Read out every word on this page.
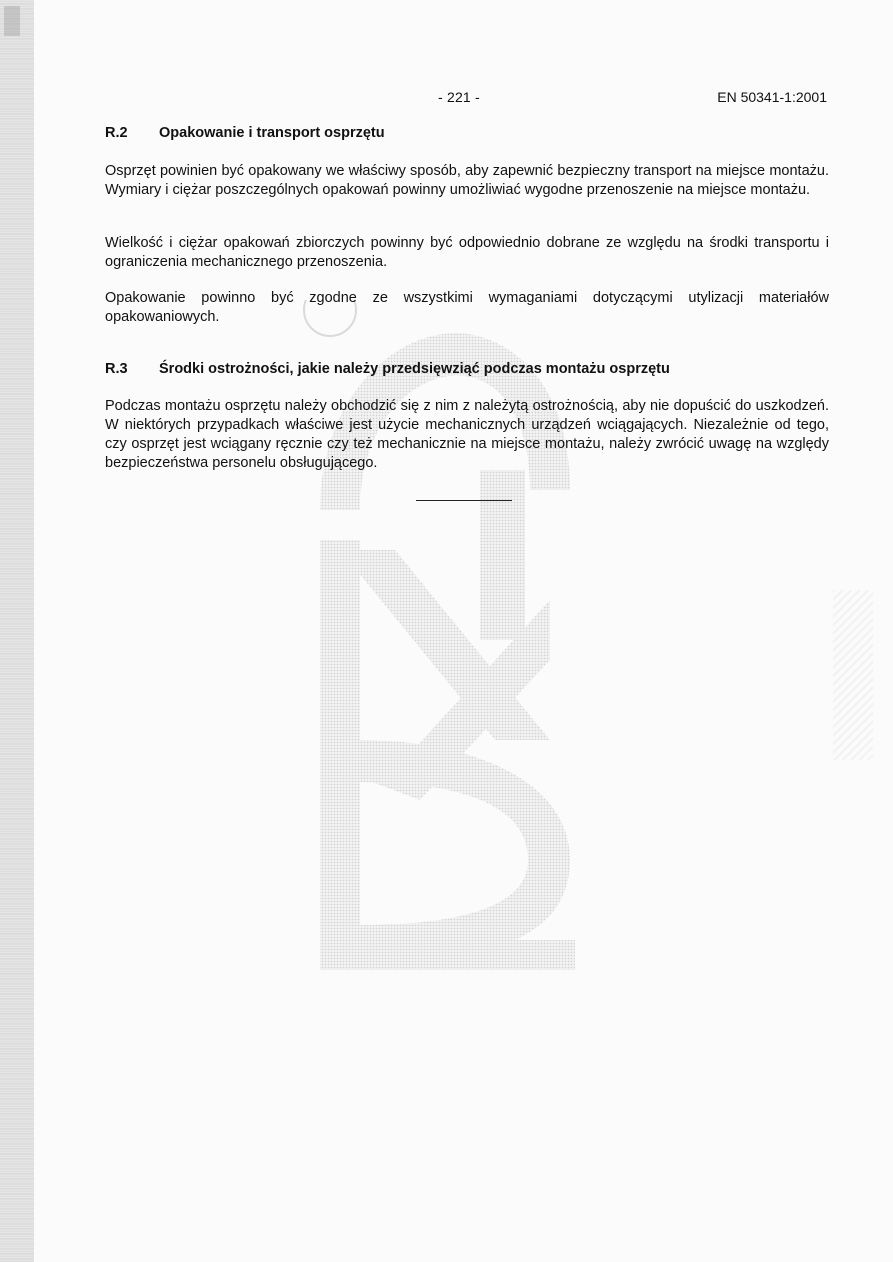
- 221 -	EN 50341-1:2001
R.2 Opakowanie i transport osprzętu

Osprzęt powinien być opakowany we właściwy sposób, aby zapewnić bezpieczny transport na miejsce montażu. Wymiary i ciężar poszczególnych opakowań powinny umożliwiać wygodne przenoszenie na miejsce montażu.

Wielkość i ciężar opakowań zbiorczych powinny być odpowiednio dobrane ze względu na środki transportu i ograniczenia mechanicznego przenoszenia.

Opakowanie powinno być zgodne ze wszystkimi wymaganiami dotyczącymi utylizacji materiałów opakowaniowych.

R.3 Środki ostrożności, jakie należy przedsięwziąć podczas montażu osprzętu

Podczas montażu osprzętu należy obchodzić się z nim z należytą ostrożnością, aby nie dopuścić do uszkodzeń. W niektórych przypadkach właściwe jest użycie mechanicznych urządzeń wciągających. Niezależnie od tego, czy osprzęt jest wciągany ręcznie czy też mechanicznie na miejsce montażu, należy zwrócić uwagę na względy bezpieczeństwa personelu obsługującego.
